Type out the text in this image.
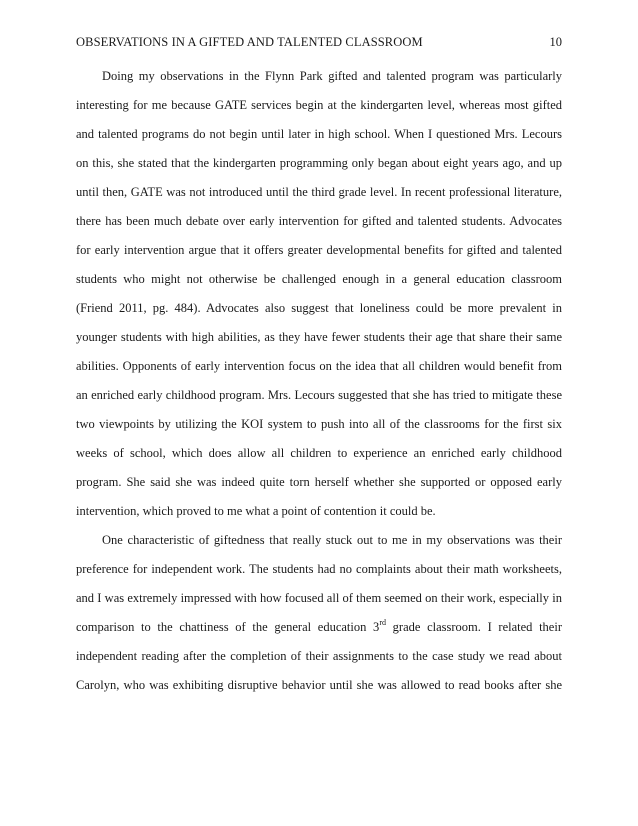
OBSERVATIONS IN A GIFTED AND TALENTED CLASSROOM	10
Doing my observations in the Flynn Park gifted and talented program was particularly
interesting for me because GATE services begin at the kindergarten level, whereas most gifted
and talented programs do not begin until later in high school. When I questioned Mrs. Lecours
on this, she stated that the kindergarten programming only began about eight years ago, and up
until then, GATE was not introduced until the third grade level. In recent professional literature,
there has been much debate over early intervention for gifted and talented students. Advocates
for early intervention argue that it offers greater developmental benefits for gifted and talented
students who might not otherwise be challenged enough in a general education classroom
(Friend 2011, pg. 484). Advocates also suggest that loneliness could be more prevalent in
younger students with high abilities, as they have fewer students their age that share their same
abilities. Opponents of early intervention focus on the idea that all children would benefit from
an enriched early childhood program. Mrs. Lecours suggested that she has tried to mitigate these
two viewpoints by utilizing the KOI system to push into all of the classrooms for the first six
weeks of school, which does allow all children to experience an enriched early childhood
program. She said she was indeed quite torn herself whether she supported or opposed early
intervention, which proved to me what a point of contention it could be.
One characteristic of giftedness that really stuck out to me in my observations was their
preference for independent work. The students had no complaints about their math worksheets,
and I was extremely impressed with how focused all of them seemed on their work, especially in
comparison to the chattiness of the general education 3rd grade classroom. I related their
independent reading after the completion of their assignments to the case study we read about
Carolyn, who was exhibiting disruptive behavior until she was allowed to read books after she
